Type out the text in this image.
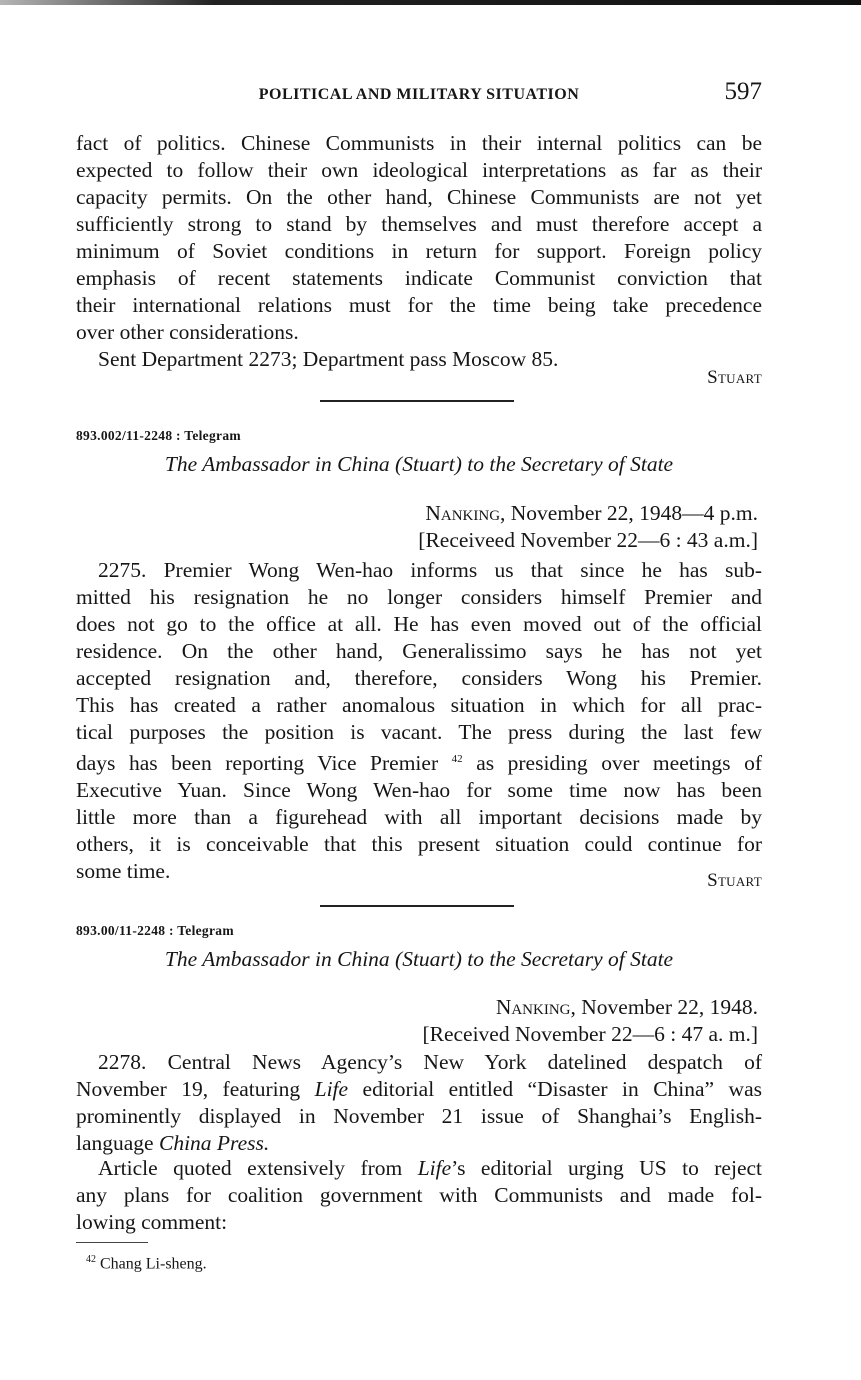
POLITICAL AND MILITARY SITUATION	597
fact of politics. Chinese Communists in their internal politics can be
expected to follow their own ideological interpretations as far as their
capacity permits. On the other hand, Chinese Communists are not yet
sufficiently strong to stand by themselves and must therefore accept a
minimum of Soviet conditions in return for support. Foreign policy
emphasis of recent statements indicate Communist conviction that
their international relations must for the time being take precedence
over other considerations.
Sent Department 2273; Department pass Moscow 85.
Stuart
893.002/11-2248 : Telegram
The Ambassador in China (Stuart) to the Secretary of State
Nanking, November 22, 1948—4 p.m.
[Receiveed November 22—6 : 43 a.m.]
2275. Premier Wong Wen-hao informs us that since he has sub-
mitted his resignation he no longer considers himself Premier and
does not go to the office at all. He has even moved out of the official
residence. On the other hand, Generalissimo says he has not yet
accepted resignation and, therefore, considers Wong his Premier.
This has created a rather anomalous situation in which for all prac-
tical purposes the position is vacant. The press during the last few
days has been reporting Vice Premier $^{42}$ as presiding over meetings of
Executive Yuan. Since Wong Wen-hao for some time now has been
little more than a figurehead with all important decisions made by
others, it is conceivable that this present situation could continue for
some time.	Stuart
893.00/11-2248 : Telegram
The Ambassador in China (Stuart) to the Secretary of State
Nanking, November 22, 1948.
[Received November 22—6 : 47 a. m.]
2278. Central News Agency’s New York datelined despatch of
November 19, featuring Life editorial entitled “Disaster in China” was
prominently displayed in November 21 issue of Shanghai’s English-
language China Press.
Article quoted extensively from Life’s editorial urging US to reject
any plans for coalition government with Communists and made fol-
lowing comment:
$^{42}$ Chang Li-sheng.
